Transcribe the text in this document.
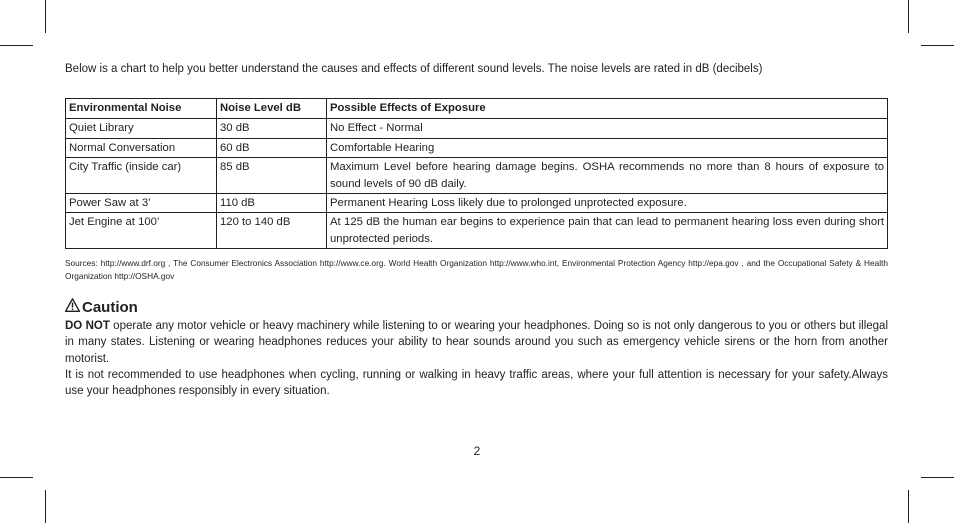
Below is a chart to help you better understand the causes and effects of different sound levels. The noise levels are rated in dB (decibels)
Environmental Noise	Noise Level dB	Possible Effects of Exposure
Quiet Library	30 dB	No Effect - Normal
Normal Conversation	60 dB	Comfortable Hearing
City Traffic (inside car)	85 dB	Maximum Level before hearing damage begins. OSHA recommends no more than 8 hours of exposure to sound levels of 90 dB daily.
Power Saw at 3’	110 dB	Permanent Hearing Loss likely due to prolonged unprotected exposure.
Jet Engine at 100’	120 to 140 dB	At 125 dB the human ear begins to experience pain that can lead to permanent hearing loss even during short unprotected periods.
Sources: http://www.drf.org , The Consumer Electronics Association http://www.ce.org. World Health Organization http://www.who.int, Environmental Protection Agency http://epa.gov , and the Occupational Safety & Health Organization http://OSHA.gov
Caution

DO NOT operate any motor vehicle or heavy machinery while listening to or wearing your headphones. Doing so is not only dangerous to you or others but illegal in many states. Listening or wearing headphones reduces your ability to hear sounds around you such as emergency vehicle sirens or the horn from another motorist.

It is not recommended to use headphones when cycling, running or walking in heavy traffic areas, where your full attention is necessary for your safety.Always use your headphones responsibly in every situation.

2
